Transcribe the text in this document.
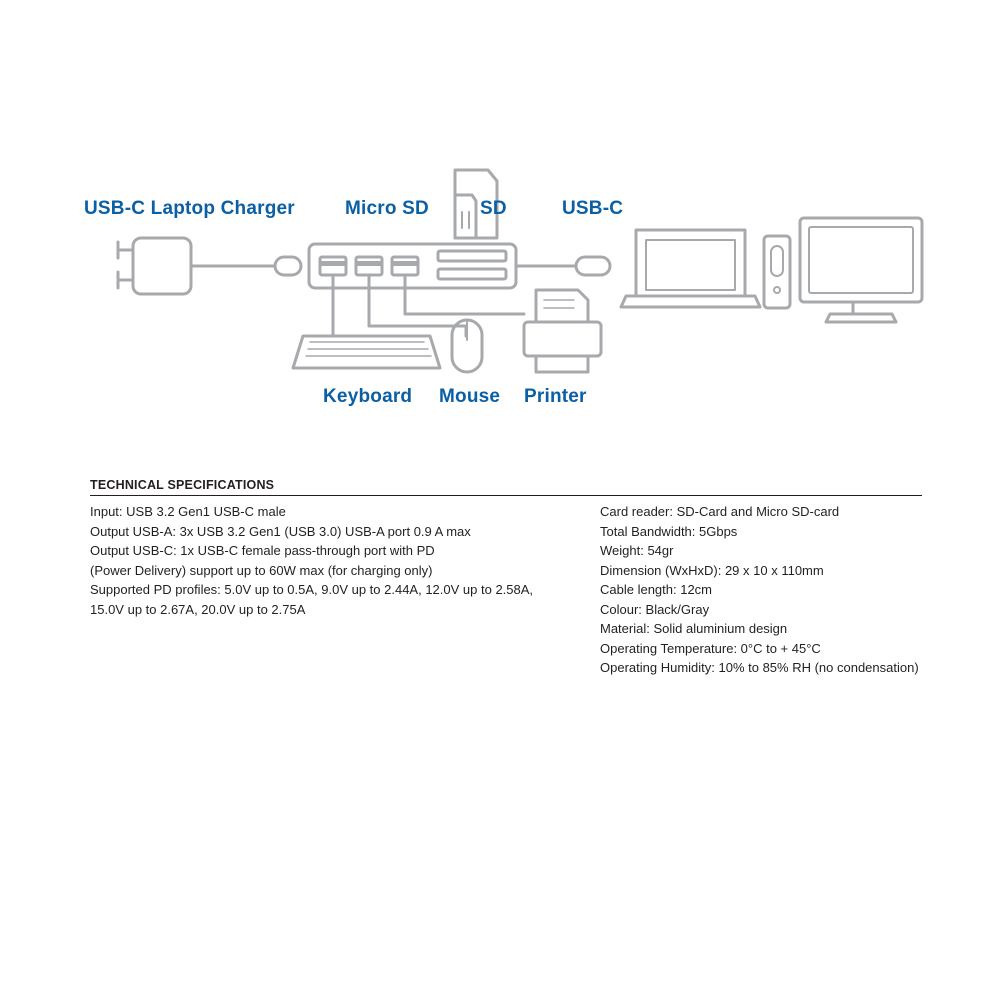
USB-C Laptop Charger	Micro SD	SD	USB-C
Keyboard Mouse Printer
TECHNICAL SPECIFICATIONS
Input: USB 3.2 Gen1 USB-C male
Output USB-A: 3x USB 3.2 Gen1 (USB 3.0) USB-A port 0.9 A max
Output USB-C: 1x USB-C female pass-through port with PD
(Power Delivery) support up to 60W max (for charging only)
Supported PD profiles: 5.0V up to 0.5A, 9.0V up to 2.44A, 12.0V up to 2.58A,
15.0V up to 2.67A, 20.0V up to 2.75A
Card reader: SD-Card and Micro SD-card
Total Bandwidth: 5Gbps
Weight: 54gr
Dimension (WxHxD): 29 x 10 x 110mm
Cable length: 12cm
Colour: Black/Gray
Material: Solid aluminium design
Operating Temperature: 0°C to + 45°C
Operating Humidity: 10% to 85% RH (no condensation)
